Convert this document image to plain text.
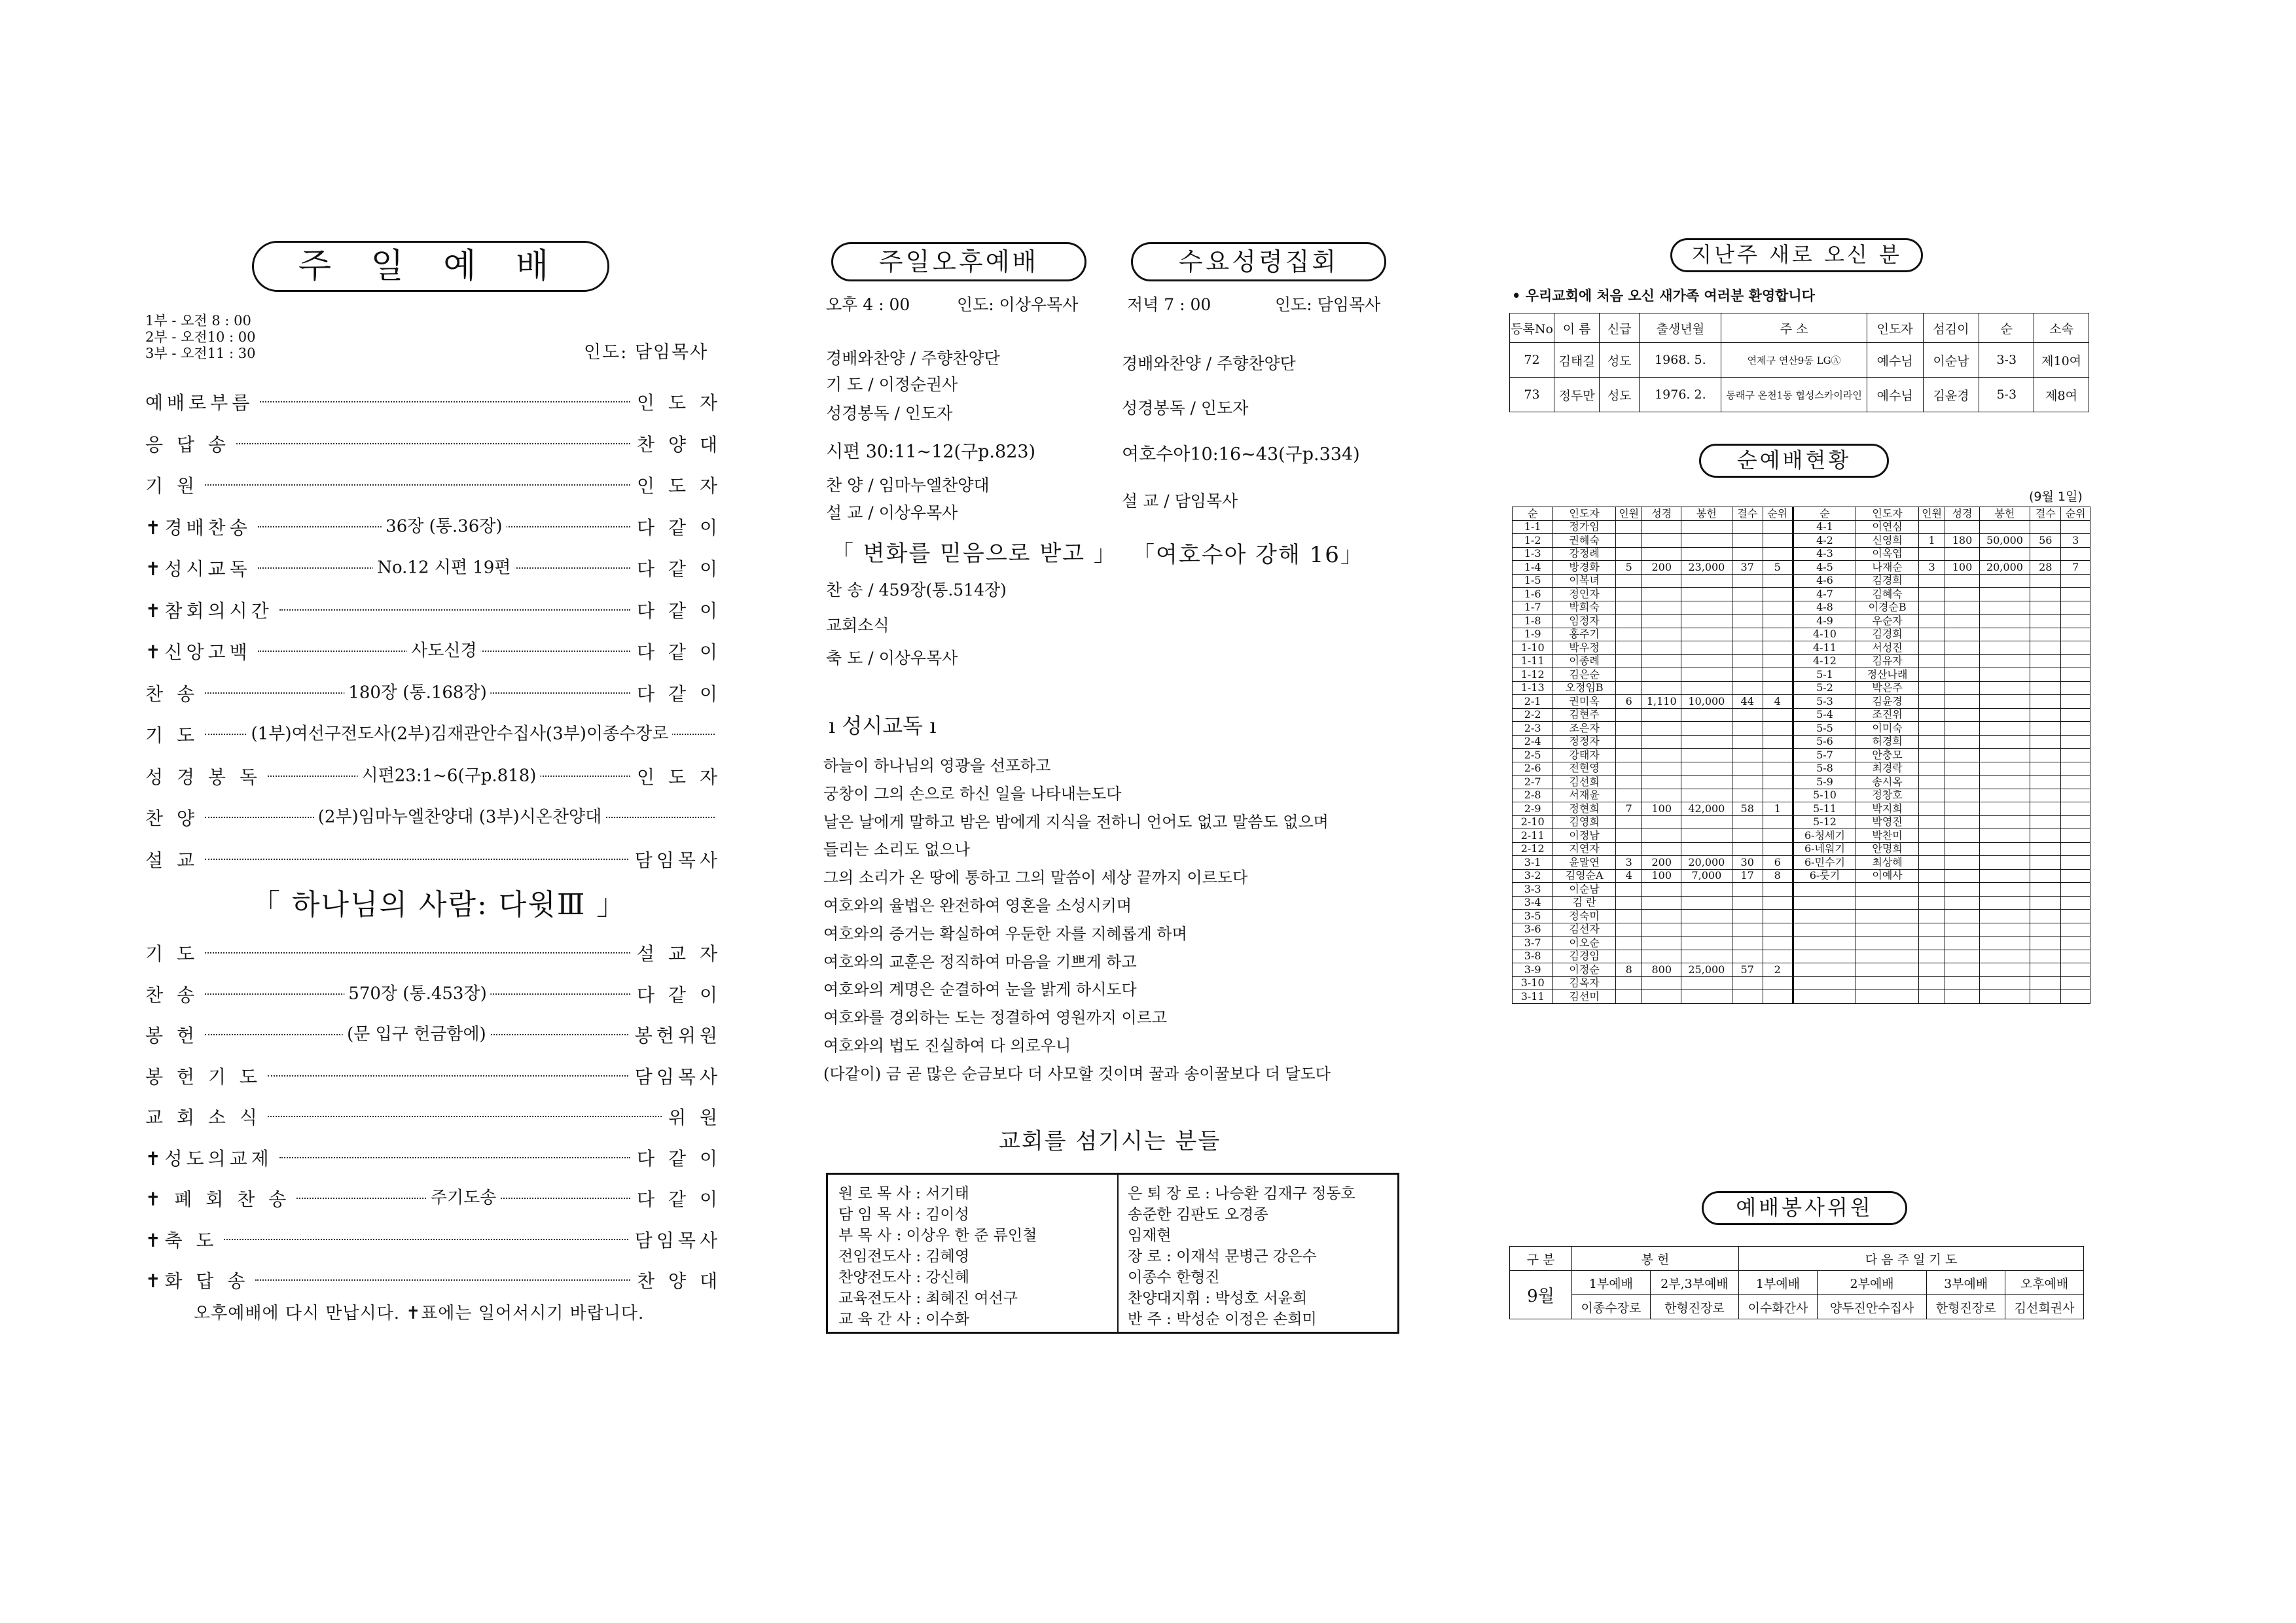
주 일 예 배
1부 - 오전 8 : 00
2부 - 오전10 : 00
3부 - 오전11 : 30	인도: 담임목사
예배로부름	인 도 자
응 답 송	찬 양 대
기 원	인 도 자
✝경배찬송	36장 (통.36장)	다 같 이
✝성시교독	No.12 시편 19편	다 같 이
✝참회의시간	다 같 이
✝신앙고백	사도신경	다 같 이
찬 송	180장 (통.168장)	다 같 이
기 도	(1부)여선구전도사(2부)김재관안수집사(3부)이종수장로
성 경 봉 독	시편23:1~6(구p.818)	인 도 자
찬 양	(2부)임마누엘찬양대 (3부)시온찬양대
설 교	담임목사
「 하나님의 사람: 다윗Ⅲ 」
기 도	설 교 자
찬 송	570장 (통.453장)	다 같 이
봉 헌	(문 입구 헌금함에)	봉헌위원
봉 헌 기 도	담임목사
교 회 소 식	위 원
✝성도의교제	다 같 이
✝ 폐 회 찬 송	주기도송	다 같 이
✝축 도	담임목사
✝화 답 송	찬 양 대
오후예배에 다시 만납시다. ✝표에는 일어서시기 바랍니다.
주일오후예배	수요성령집회
오후 4 : 00	인도: 이상우목사	저녁 7 : 00	인도: 담임목사
경배와찬양 / 주향찬양단
기 도 / 이정순권사
성경봉독 / 인도자
시편 30:11~12(구p.823)
찬 양 / 임마누엘찬양대
설 교 / 이상우목사
「 변화를 믿음으로 받고 」
찬 송 / 459장(통.514장)
교회소식
축 도 / 이상우목사
경배와찬양 / 주향찬양단
성경봉독 / 인도자
여호수아10:16~43(구p.334)
설 교 / 담임목사
「여호수아 강해 16」
ı 성시교독 ı
하늘이 하나님의 영광을 선포하고
궁창이 그의 손으로 하신 일을 나타내는도다
날은 날에게 말하고 밤은 밤에게 지식을 전하니 언어도 없고 말씀도 없으며
들리는 소리도 없으나
그의 소리가 온 땅에 통하고 그의 말씀이 세상 끝까지 이르도다
여호와의 율법은 완전하여 영혼을 소성시키며
여호와의 증거는 확실하여 우둔한 자를 지혜롭게 하며
여호와의 교훈은 정직하여 마음을 기쁘게 하고
여호와의 계명은 순결하여 눈을 밝게 하시도다
여호와를 경외하는 도는 정결하여 영원까지 이르고
여호와의 법도 진실하여 다 의로우니
(다같이) 금 곧 많은 순금보다 더 사모할 것이며 꿀과 송이꿀보다 더 달도다
교회를 섬기시는 분들
원 로 목 사 : 서기태
담 임 목 사 : 김이성
부 목 사 : 이상우 한 준 류인철
전임전도사 : 김혜영
찬양전도사 : 강신혜
교육전도사 : 최혜진 여선구
교 육 간 사 : 이수화
은 퇴 장 로 : 나승환 김재구 정동호
송준한 김판도 오경종
임재현
장 로 : 이재석 문병근 강은수
이종수 한형진
찬양대지휘 : 박성호 서윤희
반 주 : 박성순 이정은 손희미
지난주 새로 오신 분
• 우리교회에 처음 오신 새가족 여러분 환영합니다
등록No	이 름	신급	출생년월	주 소	인도자	섬김이	순	소속
72	김태길	성도	1968. 5.	연제구 연산9동 LGⒶ	예수님	이순남	3-3	제10여
73	정두만	성도	1976. 2.	동래구 온천1동 협성스카이라인	예수님	김윤경	5-3	제8여
순예배현황
(9월 1일)
순	인도자	인원	성경	봉헌	결수	순위	순	인도자	인원	성경	봉헌	결수	순위
1-1	정가임						4-1	이연심					
1-2	권혜숙						4-2	신영희	1	180	50,000	56	3
1-3	강정례						4-3	이옥엽					
1-4	방경화	5	200	23,000	37	5	4-5	나재순	3	100	20,000	28	7
1-5	이복녀						4-6	김경희					
1-6	정인자						4-7	김혜숙					
1-7	박희숙						4-8	이경순B					
1-8	임정자						4-9	우순자					
1-9	홍주기						4-10	김경희					
1-10	박우정						4-11	서성진					
1-11	이종례						4-12	김유자					
1-12	김은순						5-1	정산나래					
1-13	오정임B						5-2	박은주					
2-1	권미옥	6	1,110	10,000	44	4	5-3	김윤경					
2-2	김현주						5-4	조진위					
2-3	조은자						5-5	이미숙					
2-4	정정자						5-6	허경희					
2-5	강태자						5-7	안충모					
2-6	전현영						5-8	최경락					
2-7	김선희						5-9	송시옥					
2-8	서재윤						5-10	정창호					
2-9	정현희	7	100	42,000	58	1	5-11	박지희					
2-10	김영희						5-12	박영진					
2-11	이정남						6-청세기	박찬미					
2-12	지연자						6-네워기	안명희					
3-1	윤말연	3	200	20,000	30	6	6-민수기	최상혜					
3-2	김영순A	4	100	7,000	17	8	6-룻기	이예사					
3-3	이순남												
3-4	김 란												
3-5	정숙미												
3-6	김선자												
3-7	이오순												
3-8	김경임												
3-9	이정순	8	800	25,000	57	2							
3-10	김옥자												
3-11	김선미												
예배봉사위원
구 분	봉 헌		다 음 주 일 기 도			
9월	1부예배	2부,3부예배	1부예배	2부예배	3부예배	오후예배
	이종수장로	한형진장로	이수화간사	양두진안수집사	한형진장로	김선희권사
